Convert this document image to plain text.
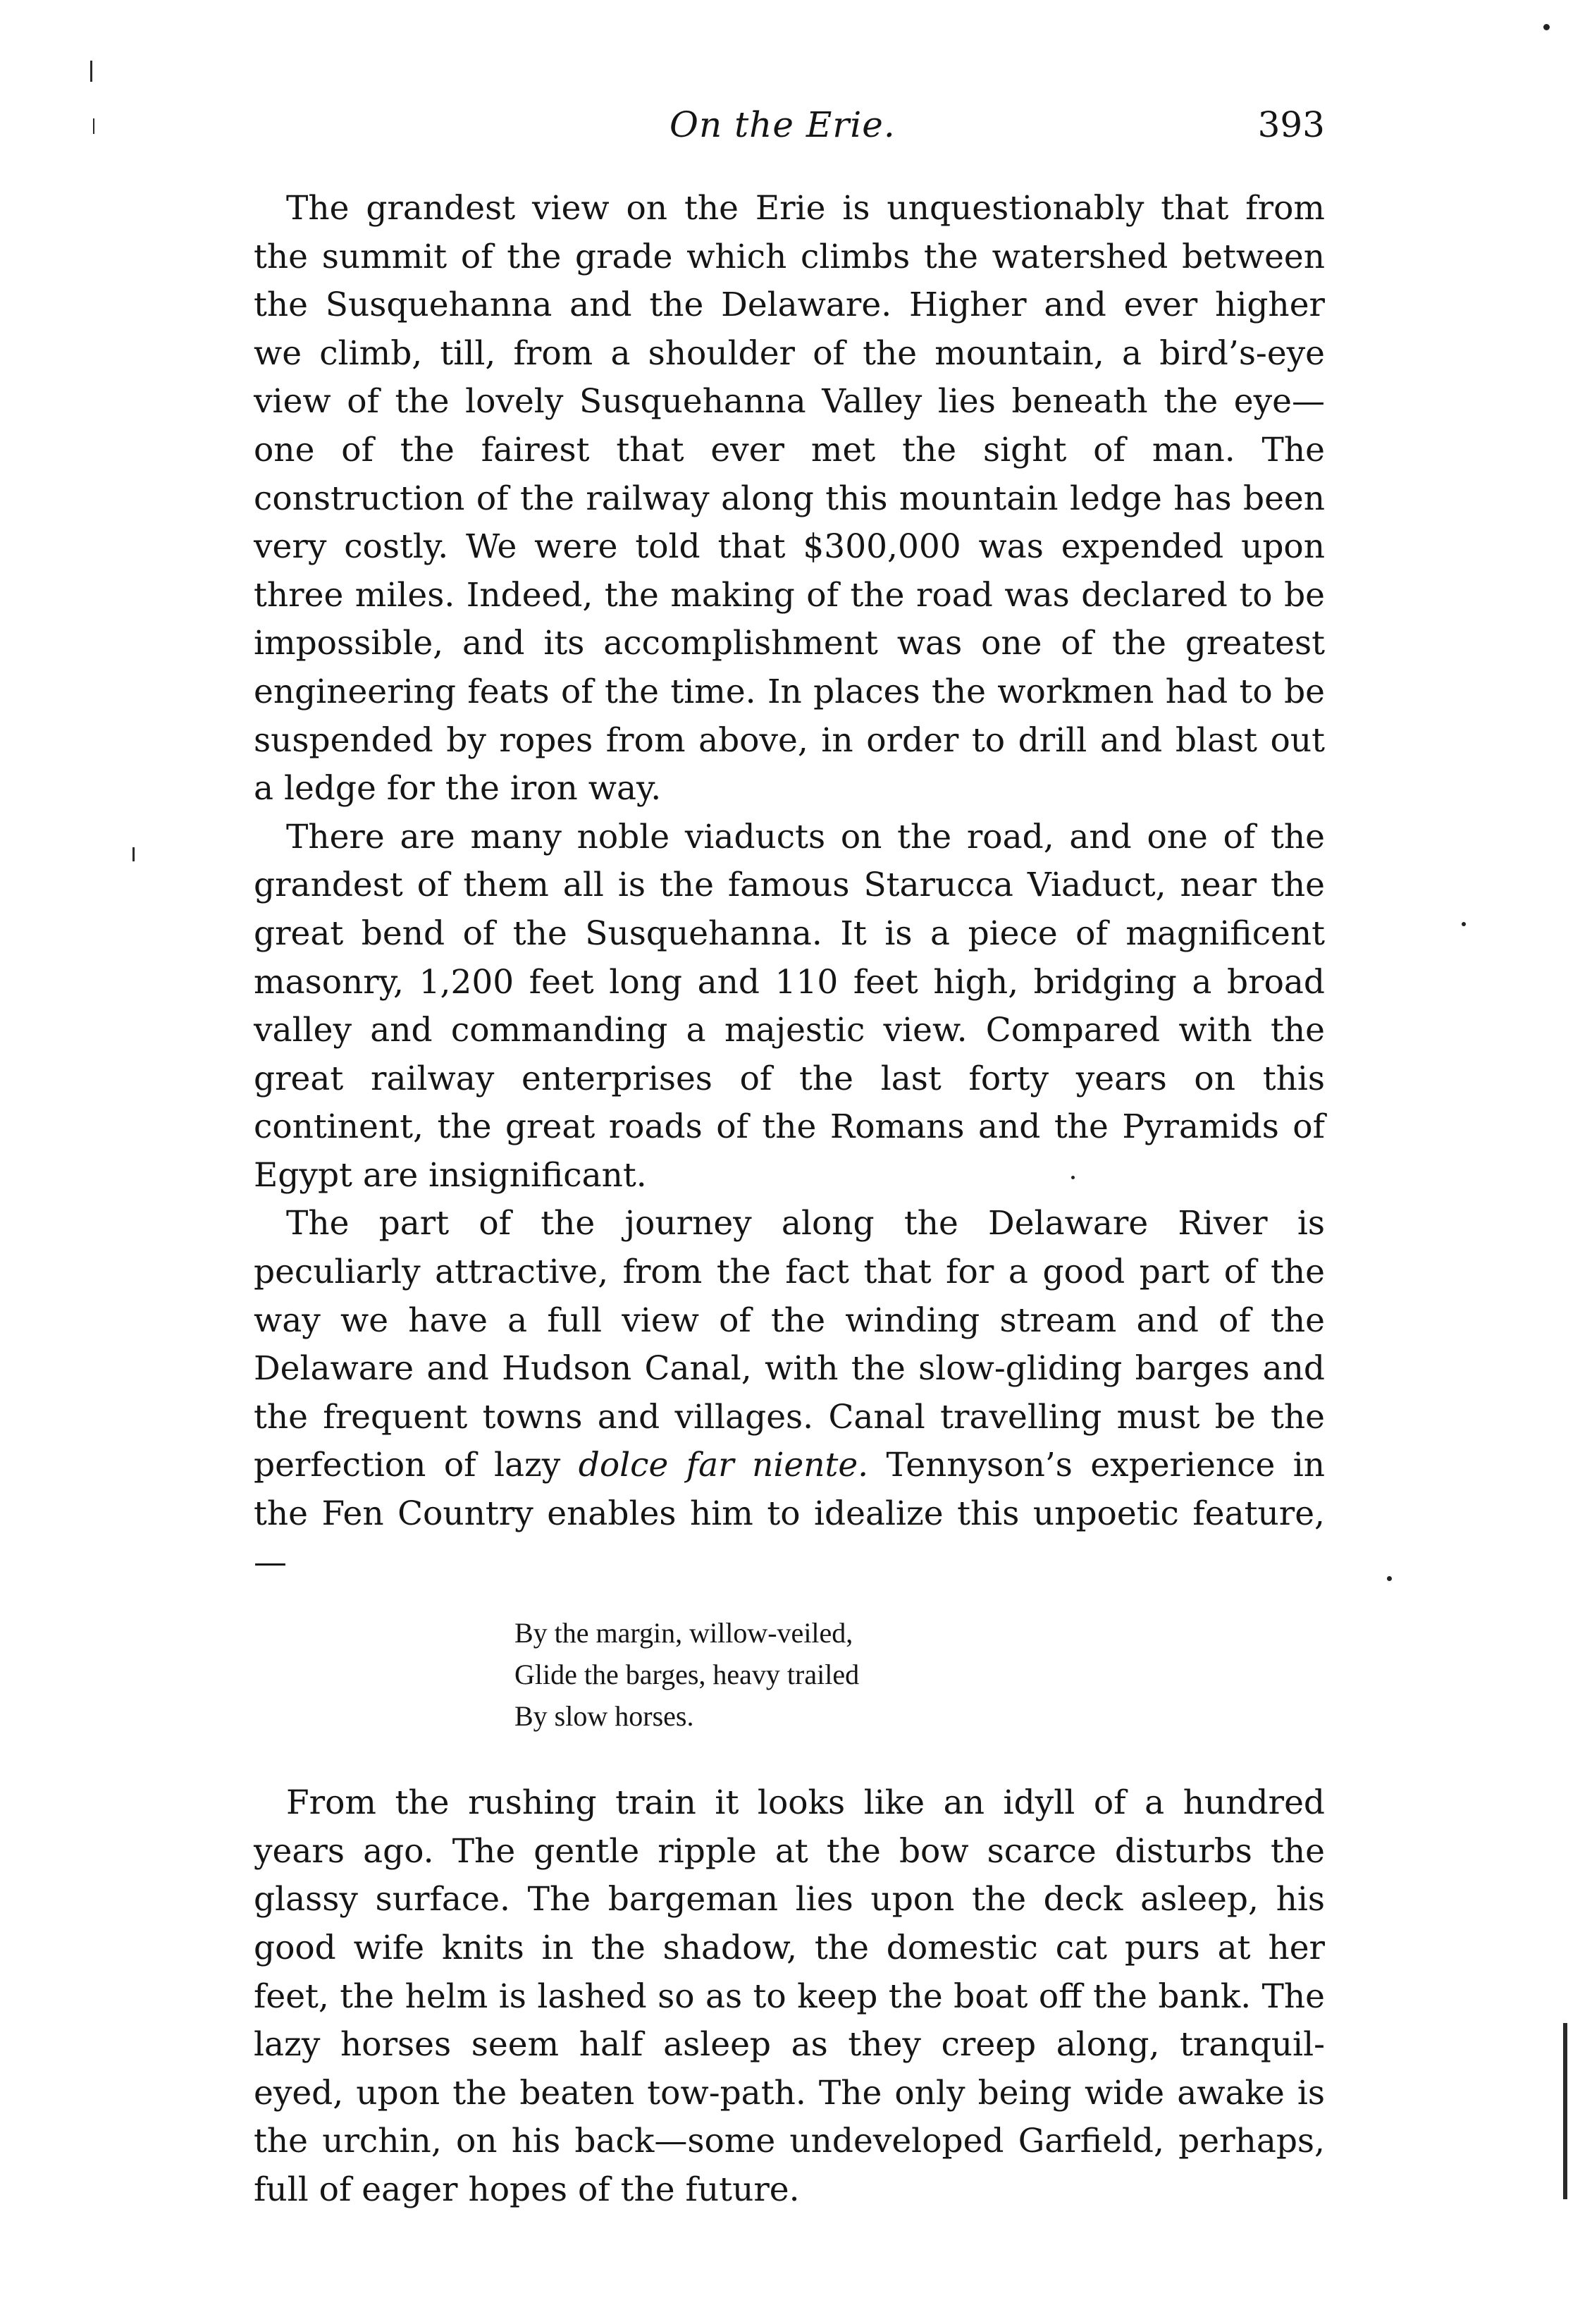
On the Erie.	393

The grandest view on the Erie is unquestionably that from the summit of the grade which climbs the watershed between the Susquehanna and the Delaware. Higher and ever higher we climb, till, from a shoulder of the mountain, a bird’s-eye view of the lovely Susquehanna Valley lies beneath the eye—one of the fairest that ever met the sight of man. The construction of the railway along this mountain ledge has been very costly. We were told that $300,000 was expended upon three miles. Indeed, the making of the road was declared to be impossible, and its accomplishment was one of the greatest engineering feats of the time. In places the workmen had to be suspended by ropes from above, in order to drill and blast out a ledge for the iron way.

There are many noble viaducts on the road, and one of the grandest of them all is the famous Starucca Viaduct, near the great bend of the Susquehanna. It is a piece of magnificent masonry, 1,200 feet long and 110 feet high, bridging a broad valley and commanding a majestic view. Compared with the great railway enterprises of the last forty years on this continent, the great roads of the Romans and the Pyramids of Egypt are insignificant.

The part of the journey along the Delaware River is peculiarly attractive, from the fact that for a good part of the way we have a full view of the winding stream and of the Delaware and Hudson Canal, with the slow-gliding barges and the frequent towns and villages. Canal travelling must be the perfection of lazy dolce far niente. Tennyson’s experience in the Fen Country enables him to idealize this unpoetic feature,—

By the margin, willow-veiled,
Glide the barges, heavy trailed
By slow horses.

From the rushing train it looks like an idyll of a hundred years ago. The gentle ripple at the bow scarce disturbs the glassy surface. The bargeman lies upon the deck asleep, his good wife knits in the shadow, the domestic cat purs at her feet, the helm is lashed so as to keep the boat off the bank. The lazy horses seem half asleep as they creep along, tranquil-eyed, upon the beaten tow-path. The only being wide awake is the urchin, on his back—some undeveloped Garfield, perhaps, full of eager hopes of the future.
